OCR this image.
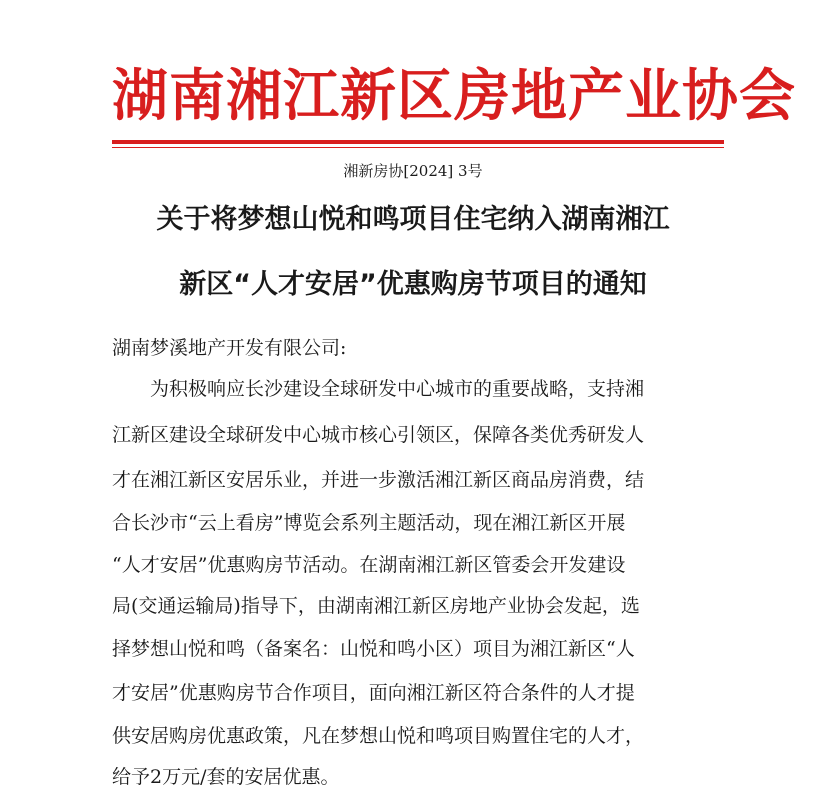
湖南湘江新区房地产业协会
湘新房协[2024] 3号
关于将梦想山悦和鸣项目住宅纳入湖南湘江
新区“人才安居”优惠购房节项目的通知
湖南梦溪地产开发有限公司:
为积极响应长沙建设全球研发中心城市的重要战略，支持湘
江新区建设全球研发中心城市核心引领区，保障各类优秀研发人
才在湘江新区安居乐业，并进一步激活湘江新区商品房消费，结
合长沙市“云上看房”博览会系列主题活动，现在湘江新区开展
“人才安居”优惠购房节活动。在湖南湘江新区管委会开发建设
局(交通运输局)指导下，由湖南湘江新区房地产业协会发起，选
择梦想山悦和鸣（备案名：山悦和鸣小区）项目为湘江新区“人
才安居”优惠购房节合作项目，面向湘江新区符合条件的人才提
供安居购房优惠政策，凡在梦想山悦和鸣项目购置住宅的人才，
给予2万元/套的安居优惠。
